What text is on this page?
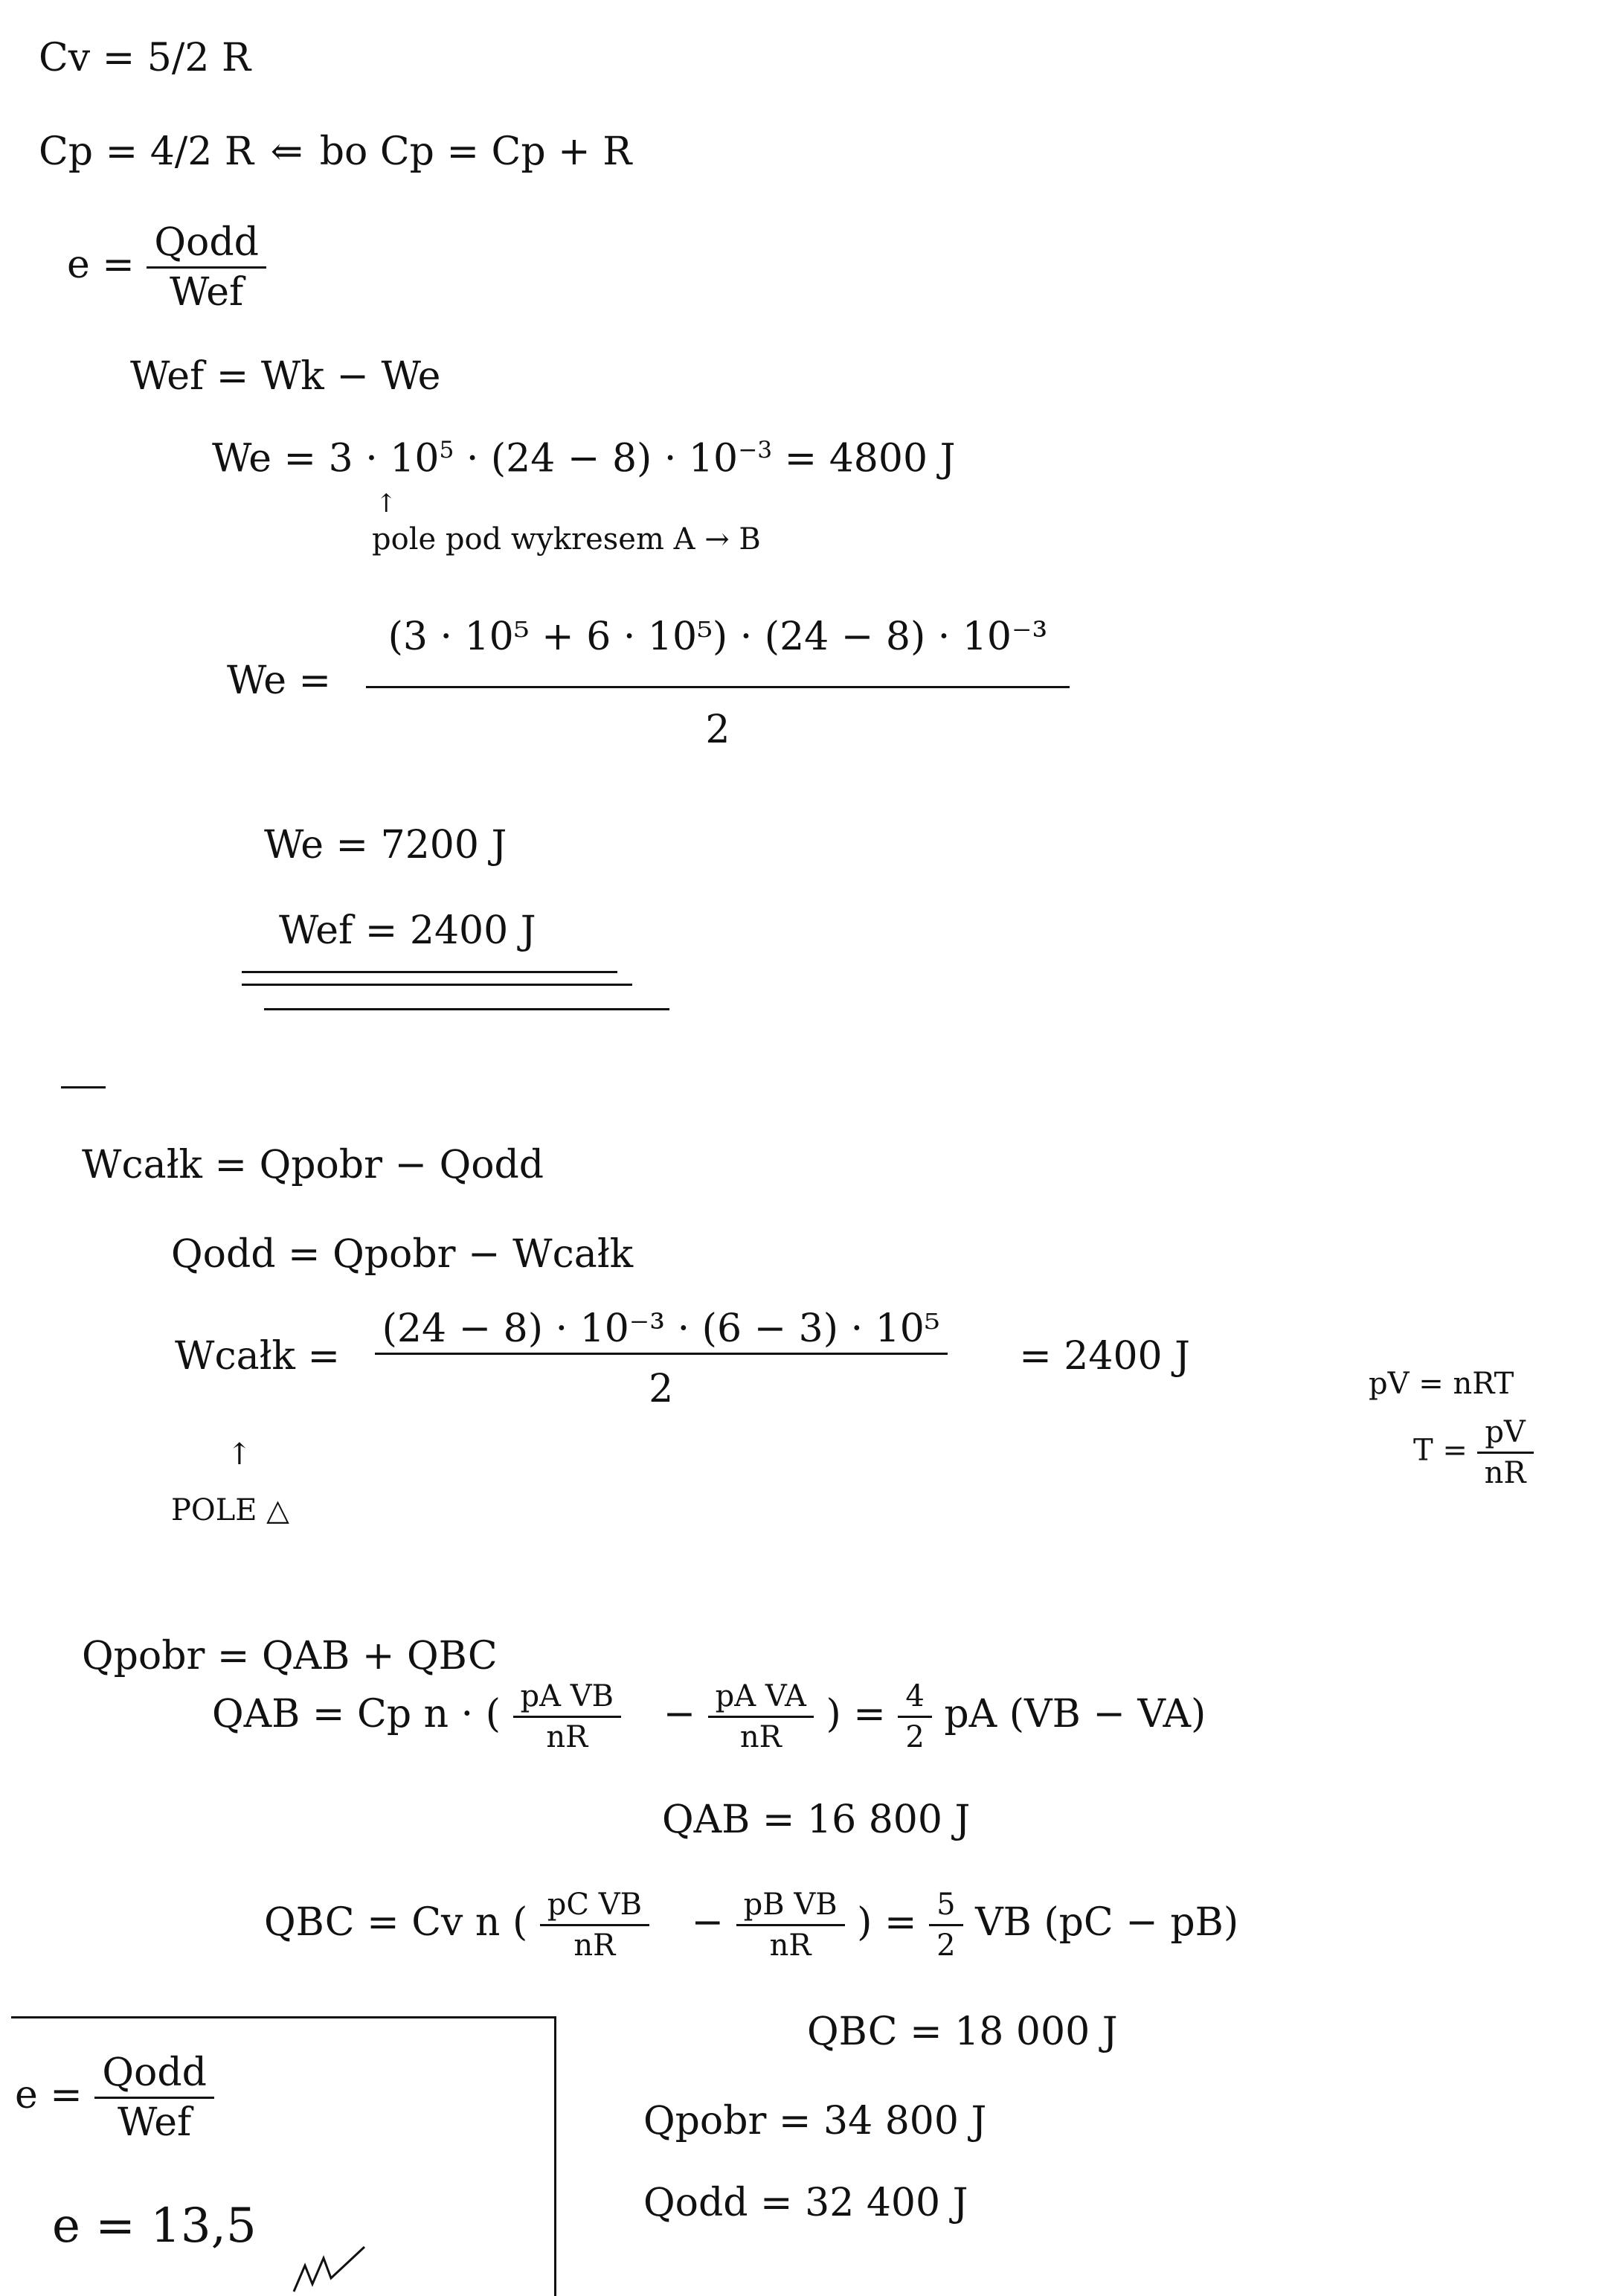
Cv = 5/2 R
Cp = 4/2 R ⇐ bo Cp = Cp + R
$e = \frac{\text{Qodd}}{\text{Wef}}$
Wef = Wk − We
$We = 3 \cdot 10^5 \cdot (24 - 8) \cdot 10^{-3} = 4800$ J
↑
pole pod wykresem A → B
$We = \frac{\text{(3 · 10⁵ + 6 · 10⁵) · (24 − 8) · 10⁻³}}{2}$
We = 7200 J
Wef = 2400 J
Wcałk = Qpobr − Qodd
Qodd = Qpobr − Wcałk
Wcałk = $\frac{\text{(24 − 8) · 10⁻³ · (6 − 3) · 10⁵}}{2} = 2400$ J
↑
POLE △
pV = nRT
$T = \frac{pV}{nR}$
Qpobr = QAB + QBC
QAB = Cp n · ( $\frac{\text{pA VB}}{nR} - \frac{\text{pA VA}}{nR}$ ) = $\frac{4}{2}$ pA (VB − VA)
QAB = 16 800 J
QBC = Cv n ( $\frac{\text{pC VB}}{nR} - \frac{\text{pB VB}}{nR}$ ) = $\frac{5}{2}$ VB (pC − pB)
QBC = 18 000 J
Qpobr = 34 800 J
Qodd = 32 400 J
$e = \frac{\text{Qodd}}{\text{Wef}}$
e = 13,5
